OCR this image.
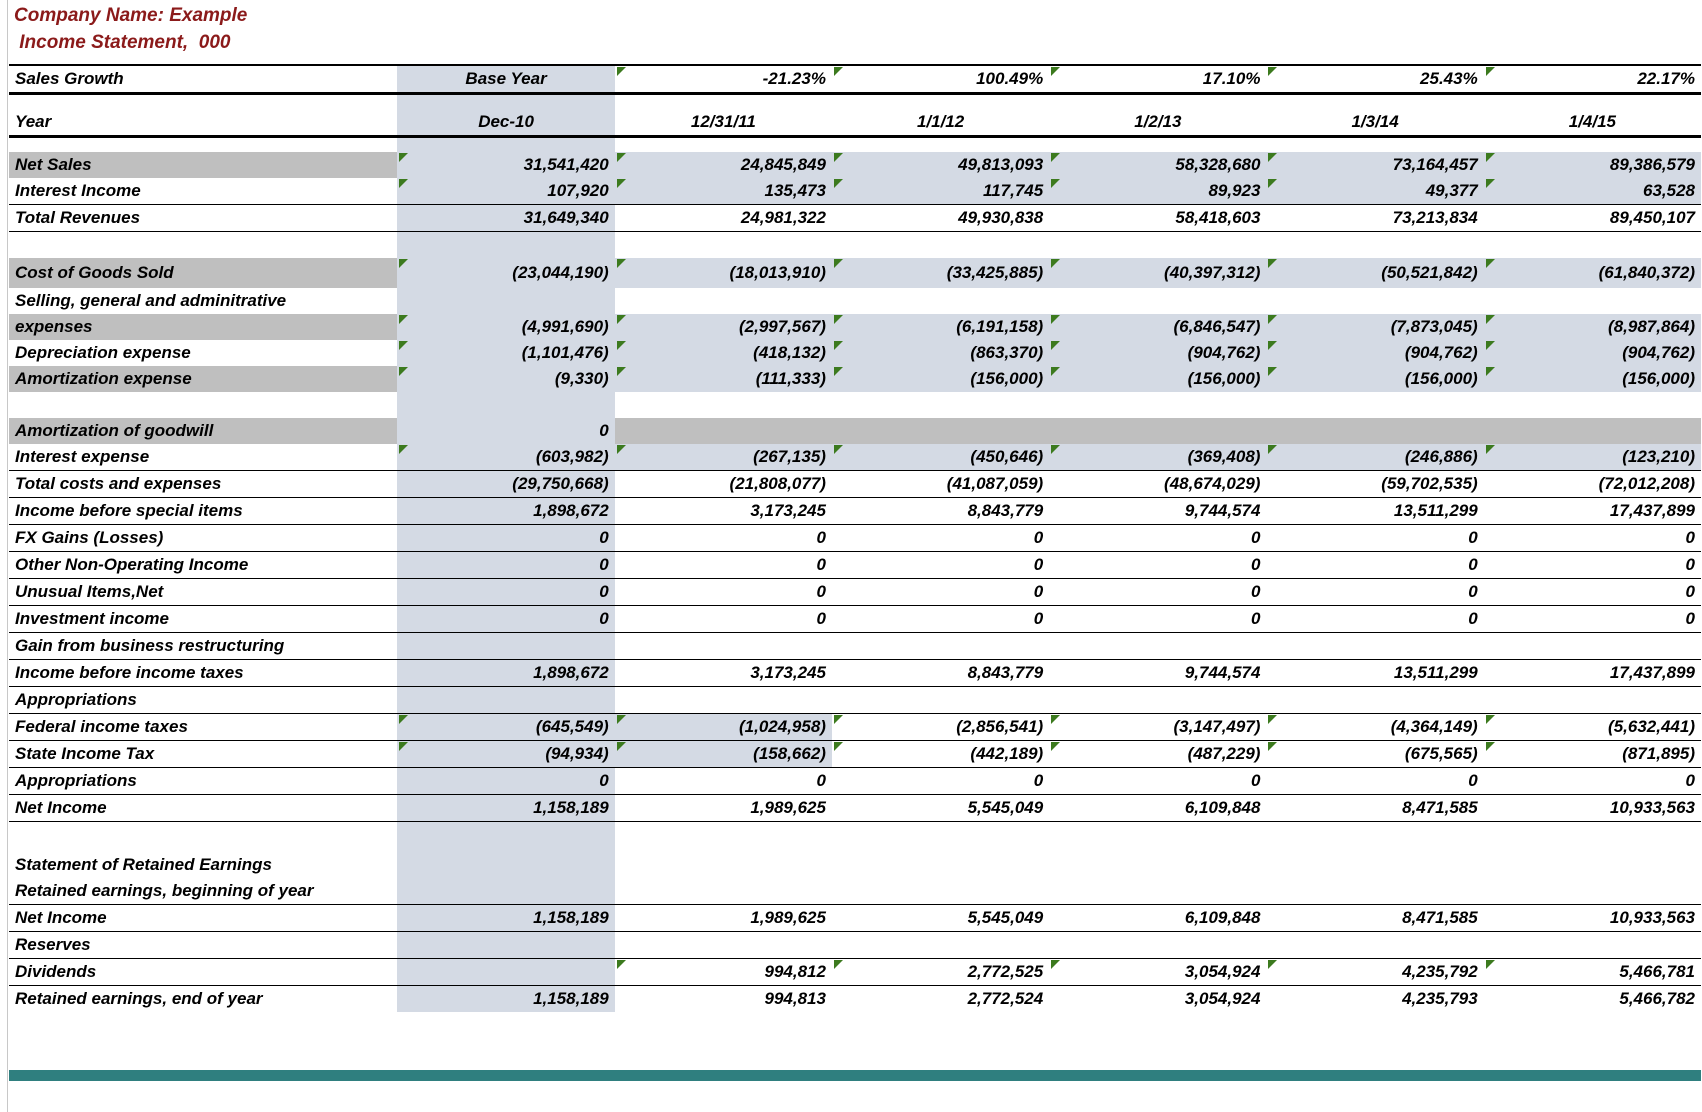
Company Name: Example
Income Statement,  000

Sales Growth	Base Year	-21.23%	100.49%	17.10%	25.43%	22.17%

Year	Dec-10	12/31/11	1/1/12	1/2/13	1/3/14	1/4/15

Net Sales	31,541,420	24,845,849	49,813,093	58,328,680	73,164,457	89,386,579
Interest Income	107,920	135,473	117,745	89,923	49,377	63,528
Total Revenues	31,649,340	24,981,322	49,930,838	58,418,603	73,213,834	89,450,107

Cost of Goods Sold	(23,044,190)	(18,013,910)	(33,425,885)	(40,397,312)	(50,521,842)	(61,840,372)
Selling, general and adminitrative						
expenses	(4,991,690)	(2,997,567)	(6,191,158)	(6,846,547)	(7,873,045)	(8,987,864)
Depreciation expense	(1,101,476)	(418,132)	(863,370)	(904,762)	(904,762)	(904,762)
Amortization expense	(9,330)	(111,333)	(156,000)	(156,000)	(156,000)	(156,000)

Amortization of goodwill	0					
Interest expense	(603,982)	(267,135)	(450,646)	(369,408)	(246,886)	(123,210)
Total costs and expenses	(29,750,668)	(21,808,077)	(41,087,059)	(48,674,029)	(59,702,535)	(72,012,208)
Income before special items	1,898,672	3,173,245	8,843,779	9,744,574	13,511,299	17,437,899
FX Gains (Losses)	0	0	0	0	0	0
Other Non-Operating Income	0	0	0	0	0	0
Unusual Items,Net	0	0	0	0	0	0
Investment income	0	0	0	0	0	0
Gain from business restructuring						
Income before income taxes	1,898,672	3,173,245	8,843,779	9,744,574	13,511,299	17,437,899
Appropriations						
Federal income taxes	(645,549)	(1,024,958)	(2,856,541)	(3,147,497)	(4,364,149)	(5,632,441)
State Income Tax	(94,934)	(158,662)	(442,189)	(487,229)	(675,565)	(871,895)
Appropriations	0	0	0	0	0	0
Net Income	1,158,189	1,989,625	5,545,049	6,109,848	8,471,585	10,933,563

Statement of Retained Earnings						
Retained earnings, beginning of year						
Net Income	1,158,189	1,989,625	5,545,049	6,109,848	8,471,585	10,933,563
Reserves						
Dividends		994,812	2,772,525	3,054,924	4,235,792	5,466,781
Retained earnings, end of year	1,158,189	994,813	2,772,524	3,054,924	4,235,793	5,466,782
